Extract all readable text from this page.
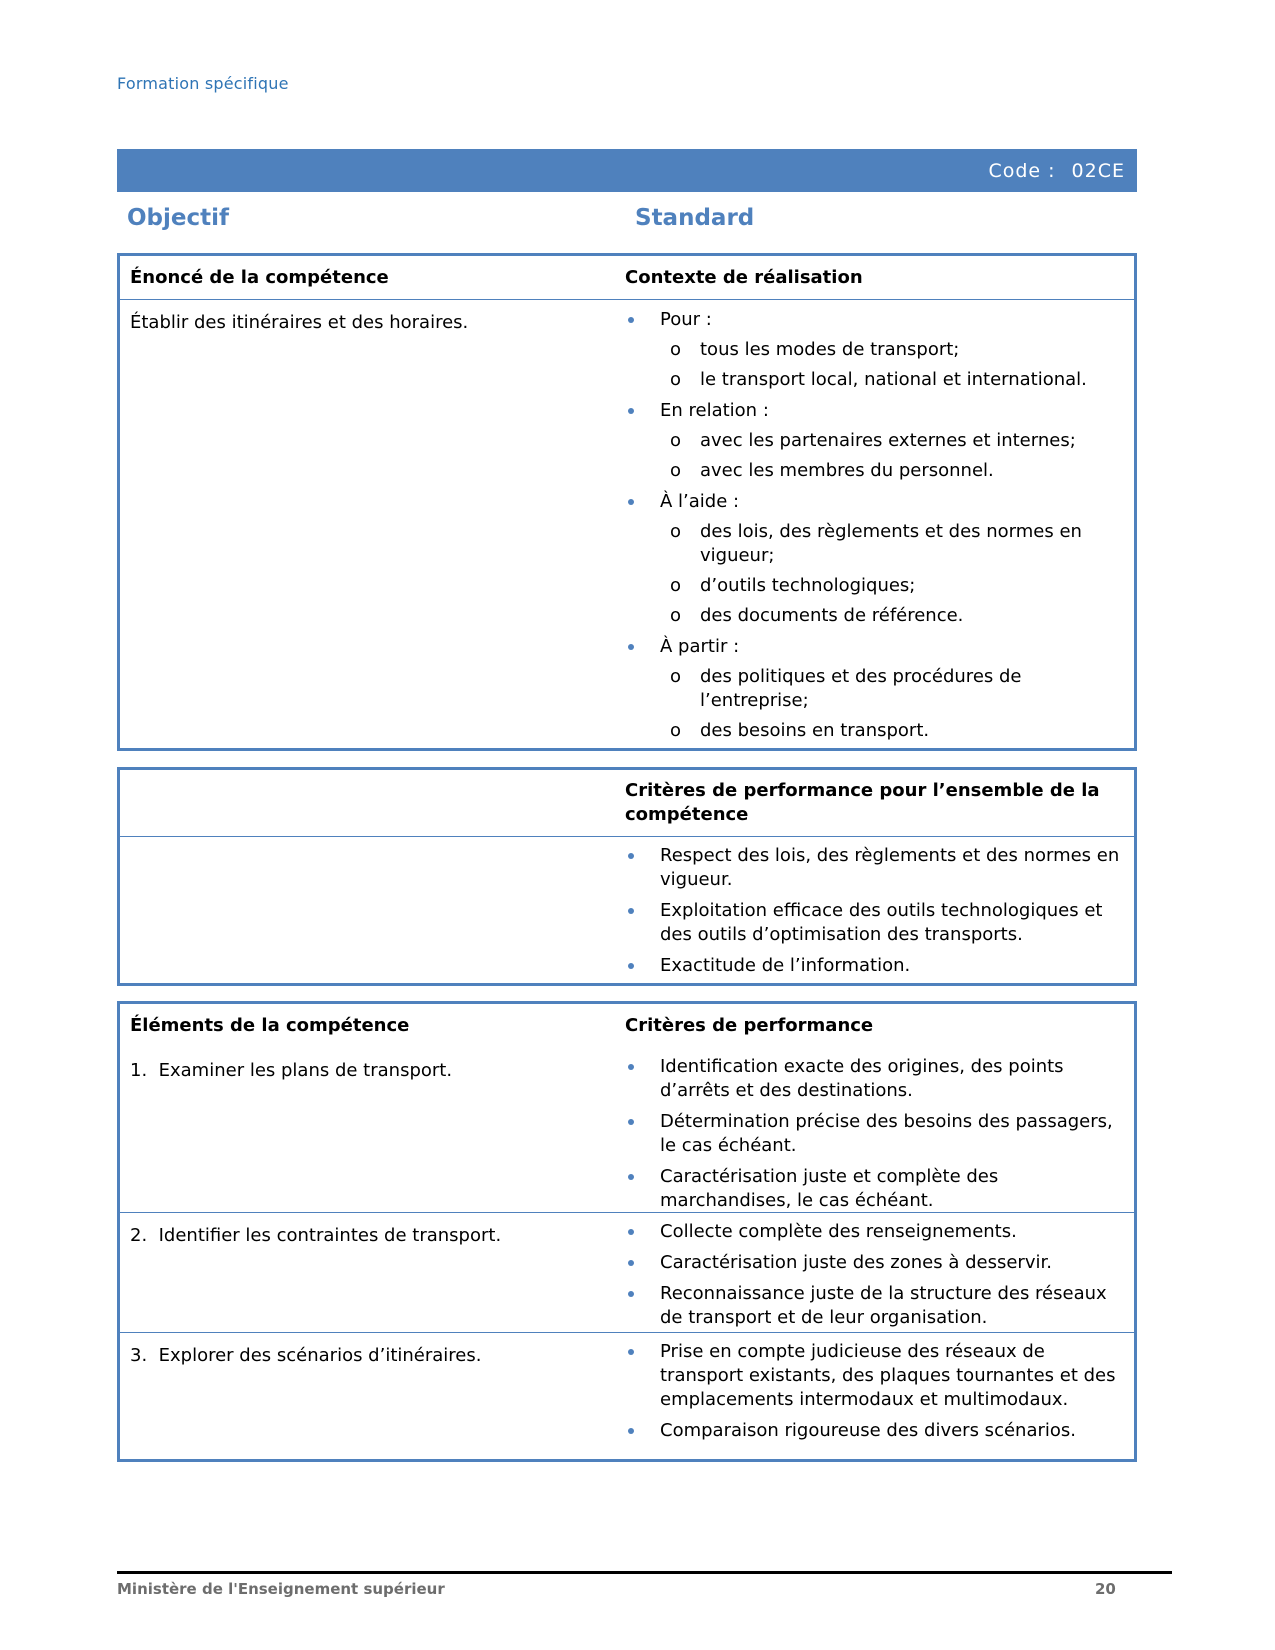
Formation spécifique
Code : 02CE
Objectif	Standard
Énoncé de la compétence	Contexte de réalisation
Établir des itinéraires et des horaires.	Pour :
o tous les modes de transport;
o le transport local, national et international.
En relation :
o avec les partenaires externes et internes;
o avec les membres du personnel.
À l’aide :
o des lois, des règlements et des normes en vigueur;
o d’outils technologiques;
o des documents de référence.
À partir :
o des politiques et des procédures de l’entreprise;
o des besoins en transport.
Critères de performance pour l’ensemble de la compétence
Respect des lois, des règlements et des normes en vigueur.
Exploitation efficace des outils technologiques et des outils d’optimisation des transports.
Exactitude de l’information.
Éléments de la compétence	Critères de performance
1.  Examiner les plans de transport.	Identification exacte des origines, des points d’arrêts et des destinations.
Détermination précise des besoins des passagers, le cas échéant.
Caractérisation juste et complète des marchandises, le cas échéant.
2.  Identifier les contraintes de transport.	Collecte complète des renseignements.
Caractérisation juste des zones à desservir.
Reconnaissance juste de la structure des réseaux de transport et de leur organisation.
3.  Explorer des scénarios d’itinéraires.	Prise en compte judicieuse des réseaux de transport existants, des plaques tournantes et des emplacements intermodaux et multimodaux.
Comparaison rigoureuse des divers scénarios.
Ministère de l'Enseignement supérieur	20
